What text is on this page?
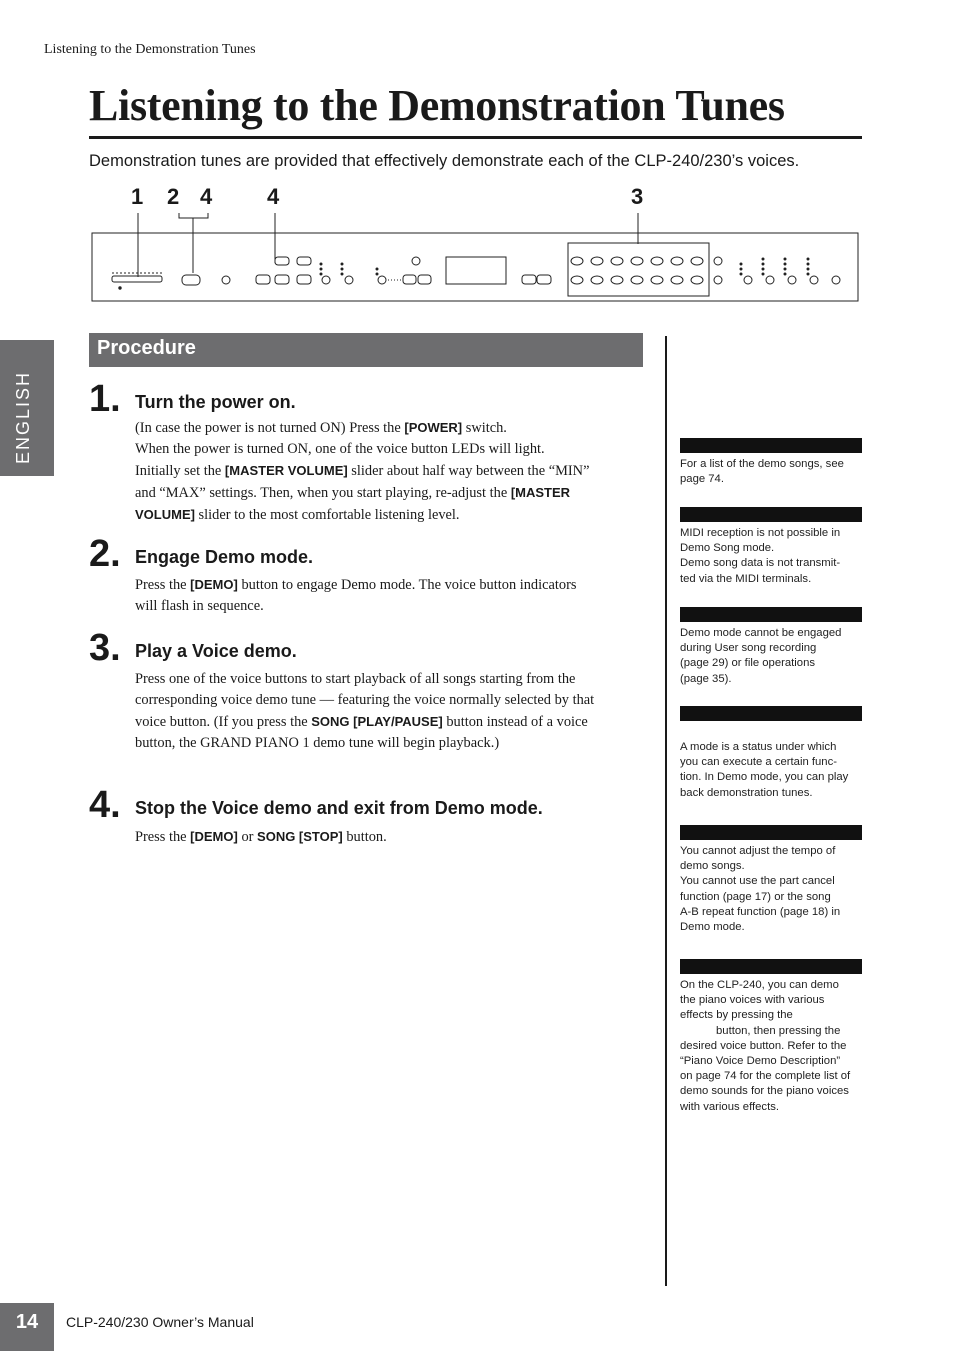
Listening to the Demonstration Tunes
Listening to the Demonstration Tunes
Demonstration tunes are provided that effectively demonstrate each of the CLP-240/230’s voices.
1 2 4 4	3
ENGLISH
Procedure
1. Turn the power on.
(In case the power is not turned ON) Press the [POWER] switch.
When the power is turned ON, one of the voice button LEDs will light.
Initially set the [MASTER VOLUME] slider about half way between the “MIN”
and “MAX” settings. Then, when you start playing, re-adjust the [MASTER
VOLUME] slider to the most comfortable listening level.
2. Engage Demo mode.
Press the [DEMO] button to engage Demo mode. The voice button indicators
will flash in sequence.
3. Play a Voice demo.
Press one of the voice buttons to start playback of all songs starting from the
corresponding voice demo tune — featuring the voice normally selected by that
voice button. (If you press the SONG [PLAY/PAUSE] button instead of a voice
button, the GRAND PIANO 1 demo tune will begin playback.)
4. Stop the Voice demo and exit from Demo mode.
Press the [DEMO] or SONG [STOP] button.
For a list of the demo songs, see
page 74.
MIDI reception is not possible in
Demo Song mode.
Demo song data is not transmit-
ted via the MIDI terminals.
Demo mode cannot be engaged
during User song recording
(page 29) or file operations
(page 35).
A mode is a status under which
you can execute a certain func-
tion. In Demo mode, you can play
back demonstration tunes.
You cannot adjust the tempo of
demo songs.
You cannot use the part cancel
function (page 17) or the song
A-B repeat function (page 18) in
Demo mode.
On the CLP-240, you can demo
the piano voices with various
effects by pressing the
button, then pressing the
desired voice button. Refer to the
“Piano Voice Demo Description”
on page 74 for the complete list of
demo sounds for the piano voices
with various effects.
14	CLP-240/230 Owner’s Manual
